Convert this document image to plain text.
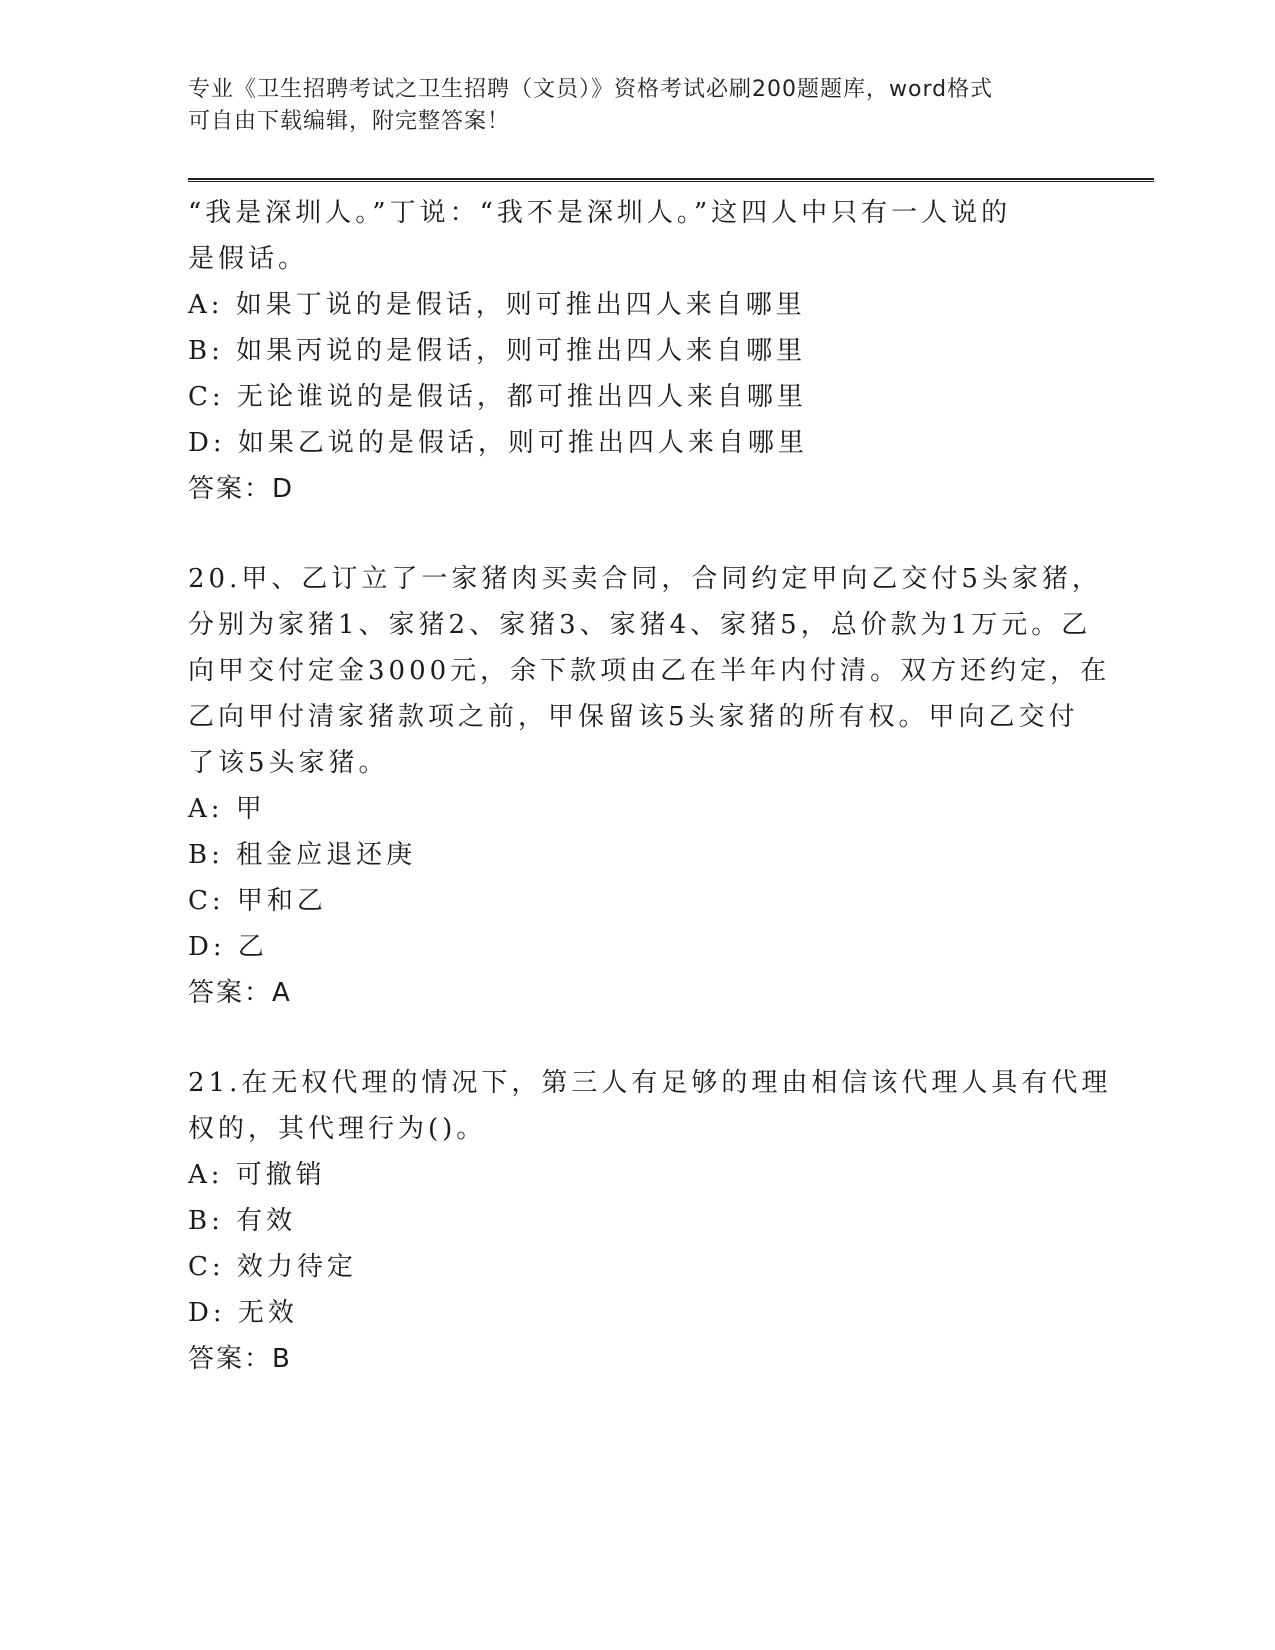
专业《卫生招聘考试之卫生招聘（文员）》资格考试必刷200题题库，word格式
可自由下载编辑，附完整答案！
“我是深圳人。”丁说：“我不是深圳人。”这四人中只有一人说的
是假话。
A: 如果丁说的是假话，则可推出四人来自哪里
B: 如果丙说的是假话，则可推出四人来自哪里
C: 无论谁说的是假话，都可推出四人来自哪里
D: 如果乙说的是假话，则可推出四人来自哪里
答案：D
20.甲、乙订立了一家猪肉买卖合同，合同约定甲向乙交付5头家猪，
分别为家猪1、家猪2、家猪3、家猪4、家猪5，总价款为1万元。乙
向甲交付定金3000元，余下款项由乙在半年内付清。双方还约定，在
乙向甲付清家猪款项之前，甲保留该5头家猪的所有权。甲向乙交付
了该5头家猪。
A: 甲
B: 租金应退还庚
C: 甲和乙
D: 乙
答案：A
21.在无权代理的情况下，第三人有足够的理由相信该代理人具有代理
权的，其代理行为()。
A: 可撤销
B: 有效
C: 效力待定
D: 无效
答案：B
